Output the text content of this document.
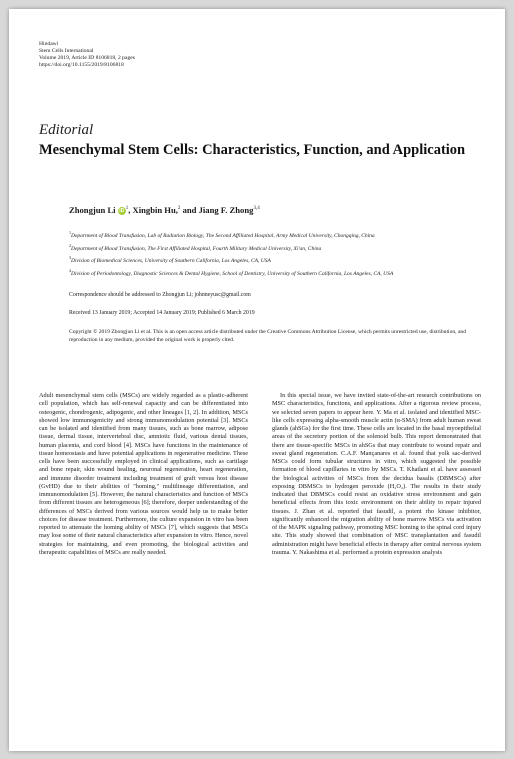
Hindawi
Stem Cells International
Volume 2019, Article ID 8106818, 2 pages
https://doi.org/10.1155/2019/8106818
Editorial
Mesenchymal Stem Cells: Characteristics, Function, and Application
Zhongjun Li iD $^1$, Xingbin Hu,$^2$ and Jiang F. Zhong$^{3,4}$
$^1$Department of Blood Transfusion, Lab of Radiation Biology, The Second Affiliated Hospital, Army Medical University, Chongqing, China
$^2$Department of Blood Transfusion, The First Affiliated Hospital, Fourth Military Medical University, Xi'an, China
$^3$Division of Biomedical Sciences, University of Southern California, Los Angeles, CA, USA
$^4$Division of Periodontology, Diagnostic Sciences & Dental Hygiene, School of Dentistry, University of Southern California, Los Angeles, CA, USA
Correspondence should be addressed to Zhongjun Li; johnneyusc@gmail.com
Received 13 January 2019; Accepted 14 January 2019; Published 6 March 2019
Copyright © 2019 Zhongjun Li et al. This is an open access article distributed under the Creative Commons Attribution License, which permits unrestricted use, distribution, and reproduction in any medium, provided the original work is properly cited.
Adult mesenchymal stem cells (MSCs) are widely regarded as a plastic-adherent cell population, which has self-renewal capacity and can be differentiated into osteogenic, chondrogenic, adipogenic, and other lineages [1, 2]. In addition, MSCs showed low immunogenicity and strong immunomodulation potential [3]. MSCs can be isolated and identified from many tissues, such as bone marrow, adipose tissue, dermal tissue, intervertebral disc, amniotic fluid, various dental tissues, human placenta, and cord blood [4]. MSCs have functions in the maintenance of tissue homeostasis and have potential applications in regenerative medicine. These cells have been successfully employed in clinical applications, such as cartilage and bone repair, skin wound healing, neuronal regeneration, heart regeneration, and immune disorder treatment including treatment of graft versus host disease (GvHD) due to their abilities of "homing," multilineage differentiation, and immunomodulation [5]. However, the natural characteristics and function of MSCs from different tissues are heterogeneous [6]; therefore, deeper understanding of the differences of MSCs derived from various sources would help us to make better choices for disease treatment. Furthermore, the culture expansion in vitro has been reported to attenuate the homing ability of MSCs [7], which suggests that MSCs may lose some of their natural characteristics after expansion in vitro. Hence, novel strategies for maintaining, and even promoting, the biological activities and therapeutic capabilities of MSCs are really needed.
In this special issue, we have invited state-of-the-art research contributions on MSC characteristics, functions, and applications. After a rigorous review process, we selected seven papers to appear here. Y. Ma et al. isolated and identified MSC-like cells expressing alpha-smooth muscle actin (α-SMA) from adult human sweat glands (ahSGs) for the first time. These cells are located in the basal myoepithelial areas of the secretory portion of the solenoid bulb. This report demonstrated that there are tissue-specific MSCs in ahSGs that may contribute to wound repair and sweat gland regeneration. C.A.F. Mançanares et al. found that yolk sac-derived MSCs could form tubular structures in vitro, which suggested the possible formation of blood capillaries in vitro by MSCs. T. Khatlani et al. have assessed the biological activities of MSCs from the decidua basalis (DBMSCs) after exposing DBMSCs to hydrogen peroxide (H₂O₂). The results in their study indicated that DBMSCs could resist an oxidative stress environment and gain beneficial effects from this toxic environment on their ability to repair injured tissues. J. Zhan et al. reported that fasudil, a potent rho kinase inhibitor, significantly enhanced the migration ability of bone marrow MSCs via activation of the MAPK signaling pathway, promoting MSC homing to the spinal cord injury site. This study showed that combination of MSC transplantation and fasudil administration might have beneficial effects in therapy after central nervous system trauma. Y. Nakashima et al. performed a protein expression analysis
